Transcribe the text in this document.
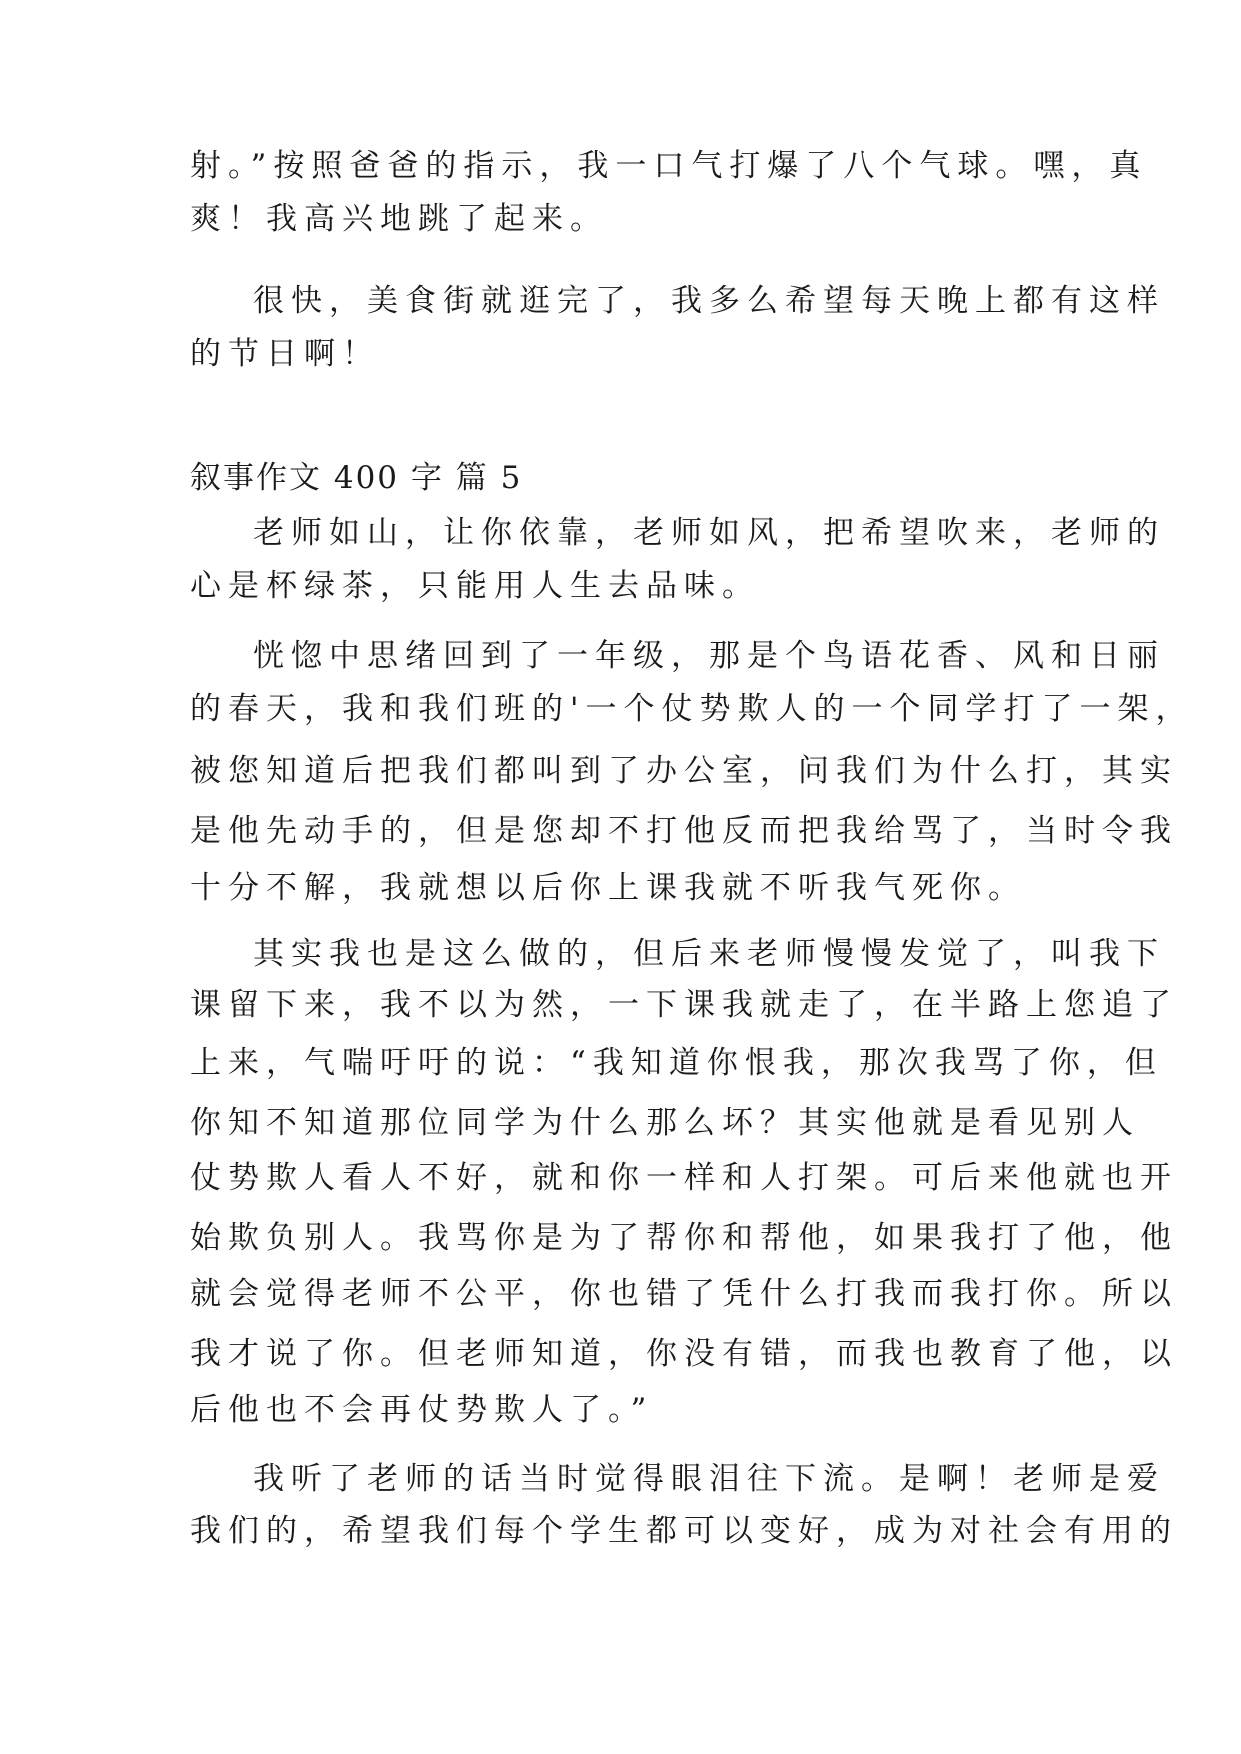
射。”按照爸爸的指示，我一口气打爆了八个气球。嘿，真

爽！我高兴地跳了起来。

很快，美食街就逛完了，我多么希望每天晚上都有这样

的节日啊！

叙事作文 400 字 篇 5

老师如山，让你依靠，老师如风，把希望吹来，老师的

心是杯绿茶，只能用人生去品味。

恍惚中思绪回到了一年级，那是个鸟语花香、风和日丽

的春天，我和我们班的'一个仗势欺人的一个同学打了一架，

被您知道后把我们都叫到了办公室，问我们为什么打，其实

是他先动手的，但是您却不打他反而把我给骂了，当时令我

十分不解，我就想以后你上课我就不听我气死你。

其实我也是这么做的，但后来老师慢慢发觉了，叫我下

课留下来，我不以为然，一下课我就走了，在半路上您追了

上来，气喘吁吁的说：“我知道你恨我，那次我骂了你，但

你知不知道那位同学为什么那么坏？其实他就是看见别人

仗势欺人看人不好，就和你一样和人打架。可后来他就也开

始欺负别人。我骂你是为了帮你和帮他，如果我打了他，他

就会觉得老师不公平，你也错了凭什么打我而我打你。所以

我才说了你。但老师知道，你没有错，而我也教育了他，以

后他也不会再仗势欺人了。”

我听了老师的话当时觉得眼泪往下流。是啊！老师是爱

我们的，希望我们每个学生都可以变好，成为对社会有用的
